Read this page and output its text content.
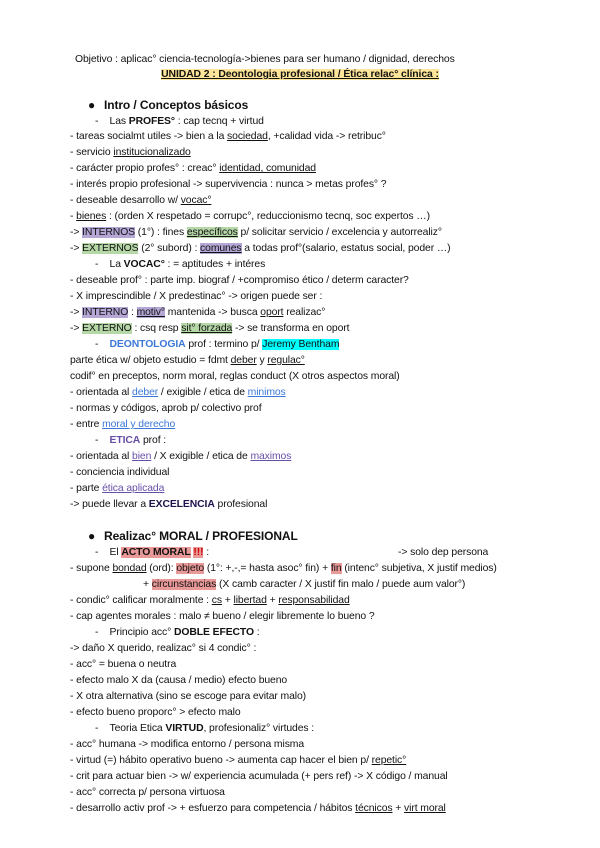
Objetivo : aplicac° ciencia-tecnología->bienes para ser humano / dignidad, derechos
UNIDAD 2 : Deontologia profesional / Ética relac° clínica :
● Intro / Conceptos básicos
-    Las PROFES° : cap tecnq + virtud
- tareas socialmt utiles -> bien a la sociedad, +calidad vida -> retribuc°
- servicio institucionalizado
- carácter propio profes° : creac° identidad, comunidad
- interés propio profesional -> supervivencia : nunca > metas profes° ?
- deseable desarrollo w/ vocac°
- bienes : (orden X respetado = corrupc°, reduccionismo tecnq, soc expertos …)
-> INTERNOS (1°) : fines específicos p/ solicitar servicio / excelencia y autorrealiz°
-> EXTERNOS (2° subord) : comunes a todas prof°(salario, estatus social, poder …)
-    La VOCAC° : = aptitudes + intéres
- deseable prof° : parte imp. biograf / +compromiso ético / determ caracter?
- X imprescindible / X predestinac° -> origen puede ser :
-> INTERNO : motiv° mantenida -> busca oport realizac°
-> EXTERNO : csq resp sit° forzada -> se transforma en oport
-    DEONTOLOGIA prof : termino p/ Jeremy Bentham
parte ética w/ objeto estudio = fdmt deber y regulac°
codif° en preceptos, norm moral, reglas conduct (X otros aspectos moral)
- orientada al deber / exigible / etica de minimos
- normas y códigos, aprob p/ colectivo prof
- entre moral y derecho
-    ETICA prof :
- orientada al bien / X exigible / etica de maximos
- conciencia individual
- parte ética aplicada
-> puede llevar a EXCELENCIA profesional
● Realizac° MORAL / PROFESIONAL
-    El ACTO MORAL !!! :	-> solo dep persona
- supone bondad (ord): objeto (1°: +,-,= hasta asoc° fin) + fin (intenc° subjetiva, X justif medios)
+ circunstancias (X camb caracter / X justif fin malo / puede aum valor°)
- condic° calificar moralmente : cs + libertad + responsabilidad
- cap agentes morales : malo ≠ bueno / elegir libremente lo bueno ?
-    Principio acc° DOBLE EFECTO :
-> daño X querido, realizac° si 4 condic° :
- acc° = buena o neutra
- efecto malo X da (causa / medio) efecto bueno
- X otra alternativa (sino se escoge para evitar malo)
- efecto bueno proporc° > efecto malo
-    Teoria Etica VIRTUD, profesionaliz° virtudes :
- acc° humana -> modifica entorno / persona misma
- virtud (=) hábito operativo bueno -> aumenta cap hacer el bien p/ repetic°
- crit para actuar bien -> w/ experiencia acumulada (+ pers ref) -> X código / manual
- acc° correcta p/ persona virtuosa
- desarrollo activ prof -> + esfuerzo para competencia / hábitos técnicos + virt moral
